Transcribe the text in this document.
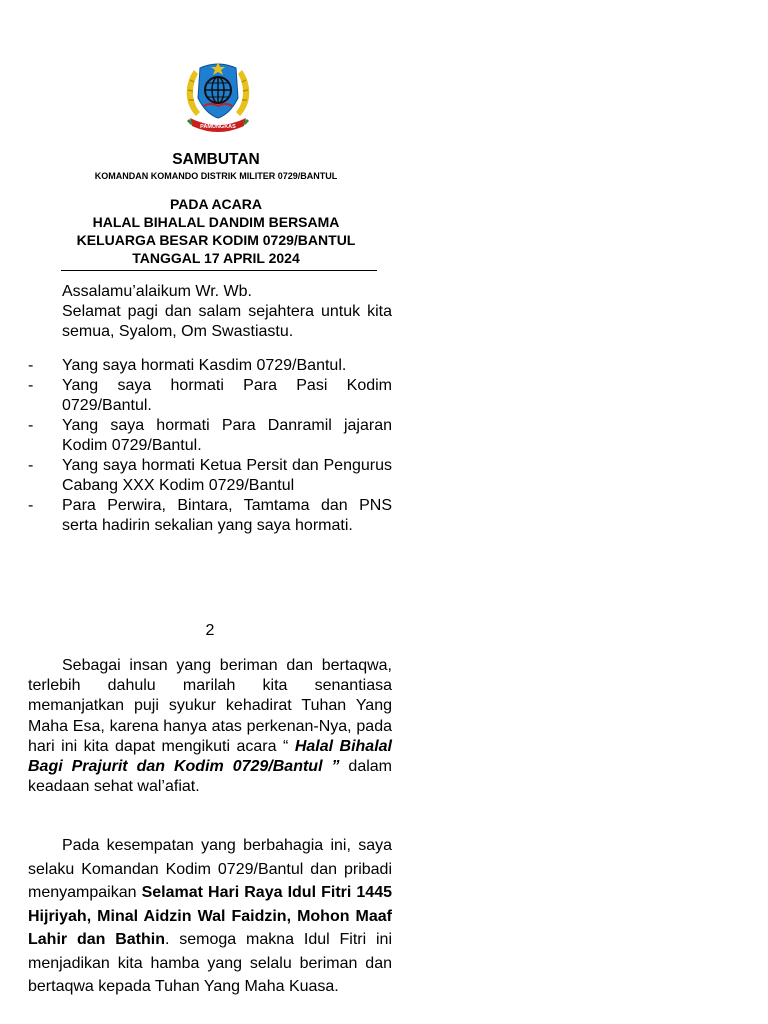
PAMUNGKAS
SAMBUTAN
KOMANDAN KOMANDO DISTRIK MILITER 0729/BANTUL
PADA ACARA
HALAL BIHALAL DANDIM BERSAMA
KELUARGA BESAR KODIM 0729/BANTUL
TANGGAL 17 APRIL 2024
Assalamu’alaikum Wr. Wb.
Selamat pagi dan salam sejahtera untuk kita semua, Syalom, Om Swastiastu.
- Yang saya hormati Kasdim 0729/Bantul.
- Yang saya hormati Para Pasi Kodim 0729/Bantul.
- Yang saya hormati Para Danramil jajaran Kodim 0729/Bantul.
- Yang saya hormati Ketua Persit dan Pengurus Cabang XXX Kodim 0729/Bantul
- Para Perwira, Bintara, Tamtama dan PNS serta hadirin sekalian yang saya hormati.
2
Sebagai insan yang beriman dan bertaqwa, terlebih dahulu marilah kita senantiasa memanjatkan puji syukur kehadirat Tuhan Yang Maha Esa, karena hanya atas perkenan-Nya, pada hari ini kita dapat mengikuti acara “ Halal Bihalal Bagi Prajurit dan Kodim 0729/Bantul ” dalam keadaan sehat wal’afiat.
Pada kesempatan yang berbahagia ini, saya selaku Komandan Kodim 0729/Bantul dan pribadi menyampaikan Selamat Hari Raya Idul Fitri 1445 Hijriyah, Minal Aidzin Wal Faidzin, Mohon Maaf Lahir dan Bathin. semoga makna Idul Fitri ini menjadikan kita hamba yang selalu beriman dan bertaqwa kepada Tuhan Yang Maha Kuasa.
